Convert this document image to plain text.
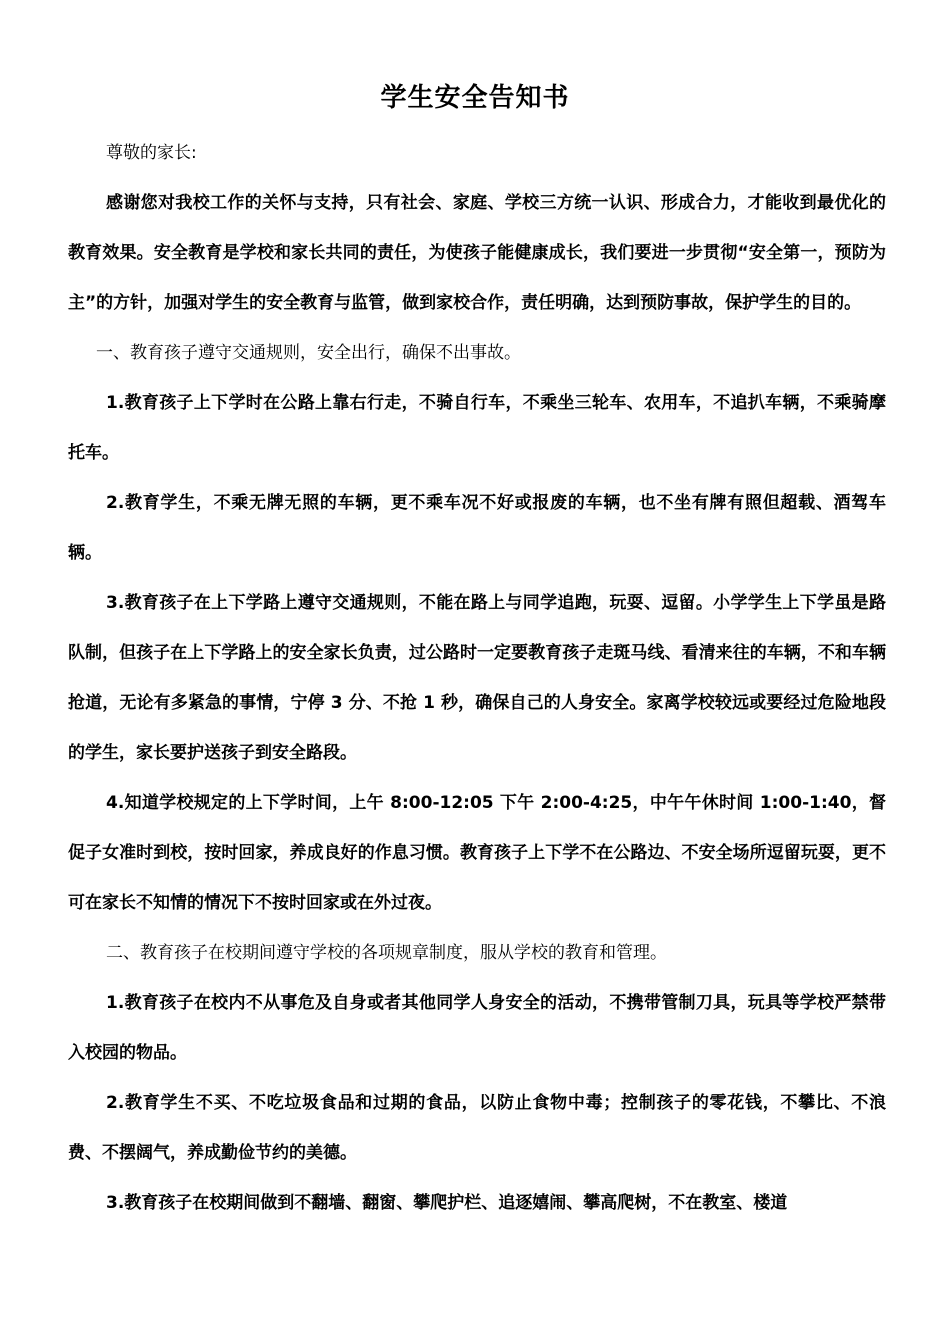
学生安全告知书

尊敬的家长:

感谢您对我校工作的关怀与支持，只有社会、家庭、学校三方统一认识、形成合力，才能收到最优化的教育效果。安全教育是学校和家长共同的责任，为使孩子能健康成长，我们要进一步贯彻“安全第一，预防为主”的方针，加强对学生的安全教育与监管，做到家校合作，责任明确，达到预防事故，保护学生的目的。

一、教育孩子遵守交通规则，安全出行，确保不出事故。

1.教育孩子上下学时在公路上靠右行走，不骑自行车，不乘坐三轮车、农用车，不追扒车辆，不乘骑摩托车。

2.教育学生，不乘无牌无照的车辆，更不乘车况不好或报废的车辆，也不坐有牌有照但超载、酒驾车辆。

3.教育孩子在上下学路上遵守交通规则，不能在路上与同学追跑，玩耍、逗留。小学学生上下学虽是路队制，但孩子在上下学路上的安全家长负责，过公路时一定要教育孩子走斑马线、看清来往的车辆，不和车辆抢道，无论有多紧急的事情，宁停 3 分、不抢 1 秒，确保自己的人身安全。家离学校较远或要经过危险地段的学生，家长要护送孩子到安全路段。

4.知道学校规定的上下学时间，上午 8:00-12:05 下午 2:00-4:25，中午午休时间 1:00-1:40，督促子女准时到校，按时回家，养成良好的作息习惯。教育孩子上下学不在公路边、不安全场所逗留玩耍，更不可在家长不知情的情况下不按时回家或在外过夜。

二、教育孩子在校期间遵守学校的各项规章制度，服从学校的教育和管理。

1.教育孩子在校内不从事危及自身或者其他同学人身安全的活动，不携带管制刀具，玩具等学校严禁带入校园的物品。

2.教育学生不买、不吃垃圾食品和过期的食品，以防止食物中毒；控制孩子的零花钱，不攀比、不浪费、不摆阔气，养成勤俭节约的美德。

3.教育孩子在校期间做到不翻墙、翻窗、攀爬护栏、追逐嬉闹、攀高爬树，不在教室、楼道
